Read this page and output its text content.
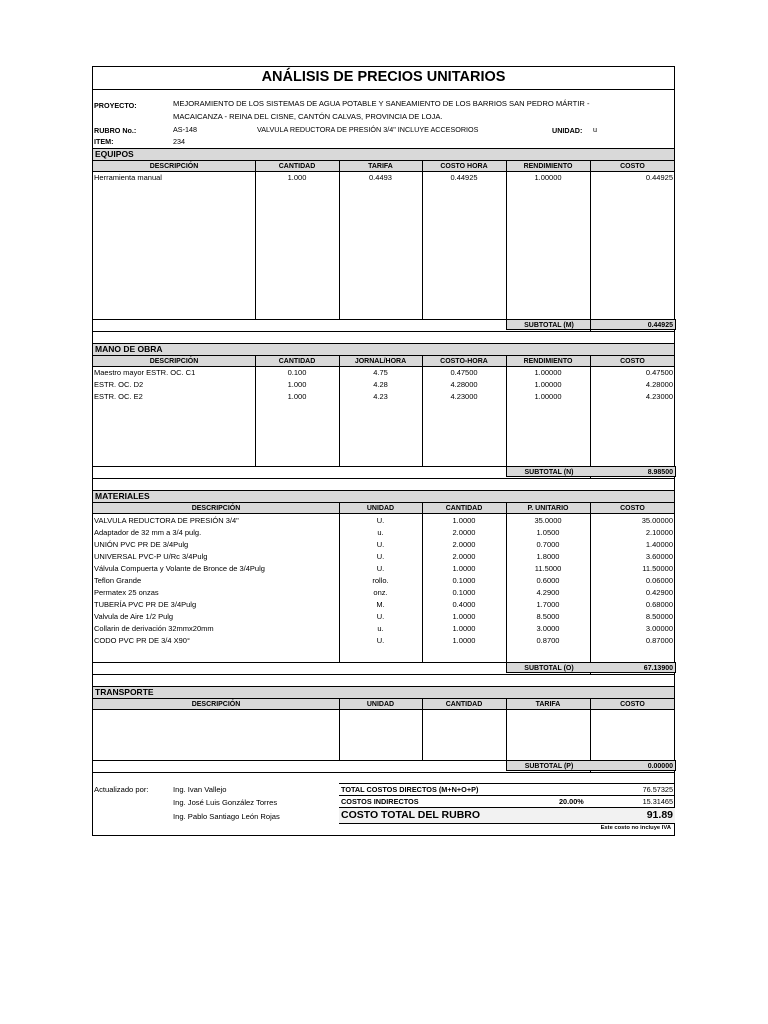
ANÁLISIS DE PRECIOS UNITARIOS
PROYECTO:	MEJORAMIENTO DE LOS SISTEMAS DE AGUA POTABLE Y SANEAMIENTO DE LOS BARRIOS SAN PEDRO MÁRTIR -
MACAICANZA - REINA DEL CISNE, CANTÓN CALVAS, PROVINCIA DE LOJA.
RUBRO No.:	AS-148	VALVULA REDUCTORA DE PRESIÓN 3/4" INCLUYE ACCESORIOS	UNIDAD: u
ITEM:	234
EQUIPOS
DESCRIPCIÓN	CANTIDAD	TARIFA	COSTO HORA	RENDIMIENTO	COSTO
Herramienta manual	1.000	0.4493	0.44925	1.00000	0.44925
SUBTOTAL (M)	0.44925
MANO DE OBRA
DESCRIPCIÓN	CANTIDAD	JORNAL/HORA	COSTO-HORA	RENDIMIENTO	COSTO
Maestro mayor ESTR. OC. C1	0.100	4.75	0.47500	1.00000	0.47500
ESTR. OC. D2	1.000	4.28	4.28000	1.00000	4.28000
ESTR. OC. E2	1.000	4.23	4.23000	1.00000	4.23000
SUBTOTAL (N)	8.98500
MATERIALES
DESCRIPCIÓN	UNIDAD	CANTIDAD	P. UNITARIO	COSTO
VALVULA REDUCTORA DE PRESIÓN 3/4"	U.	1.0000	35.0000	35.00000
Adaptador de 32 mm a 3/4 pulg.	u.	2.0000	1.0500	2.10000
UNIÓN PVC PR DE 3/4Pulg	U.	2.0000	0.7000	1.40000
UNIVERSAL PVC-P U/Rc 3/4Pulg	U.	2.0000	1.8000	3.60000
Válvula Compuerta y Volante de Bronce de 3/4Pulg	U.	1.0000	11.5000	11.50000
Teflon Grande	rollo.	0.1000	0.6000	0.06000
Permatex 25 onzas	onz.	0.1000	4.2900	0.42900
TUBERÍA PVC PR DE 3/4Pulg	M.	0.4000	1.7000	0.68000
Valvula de Aire 1/2 Pulg	U.	1.0000	8.5000	8.50000
Collarin de derivación 32mmx20mm	u.	1.0000	3.0000	3.00000
CODO PVC PR DE 3/4 X90°	U.	1.0000	0.8700	0.87000
SUBTOTAL (O)	67.13900
TRANSPORTE
DESCRIPCIÓN	UNIDAD	CANTIDAD	TARIFA	COSTO
SUBTOTAL (P)	0.00000
Actualizado por:	Ing. Ivan Vallejo
Ing. José Luis González Torres
Ing. Pablo Santiago León Rojas
TOTAL COSTOS DIRECTOS (M+N+O+P)	76.57325
COSTOS INDIRECTOS	20.00%	15.31465
COSTO TOTAL DEL RUBRO	91.89
Este costo no incluye IVA
